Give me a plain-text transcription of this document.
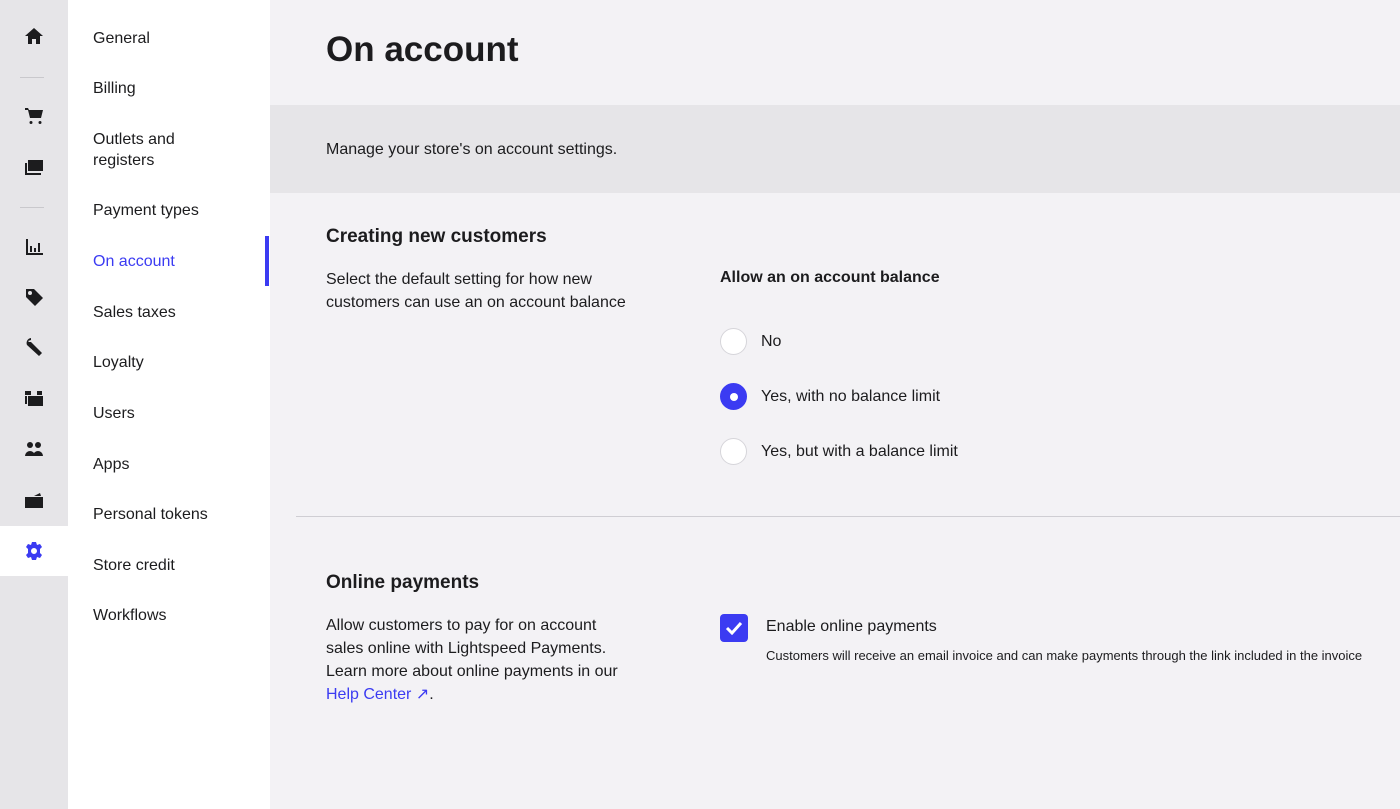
General
Billing
Outlets and registers
Payment types
On account
Sales taxes
Loyalty
Users
Apps
Personal tokens
Store credit
Workflows
On account
Manage your store's on account settings.
Creating new customers
Select the default setting for how new customers can use an on account balance
Allow an on account balance
No
Yes, with no balance limit
Yes, but with a balance limit
Online payments
Allow customers to pay for on account sales online with Lightspeed Payments. Learn more about online payments in our Help Center ↗.
Enable online payments
Customers will receive an email invoice and can make payments through the link included in the invoice
